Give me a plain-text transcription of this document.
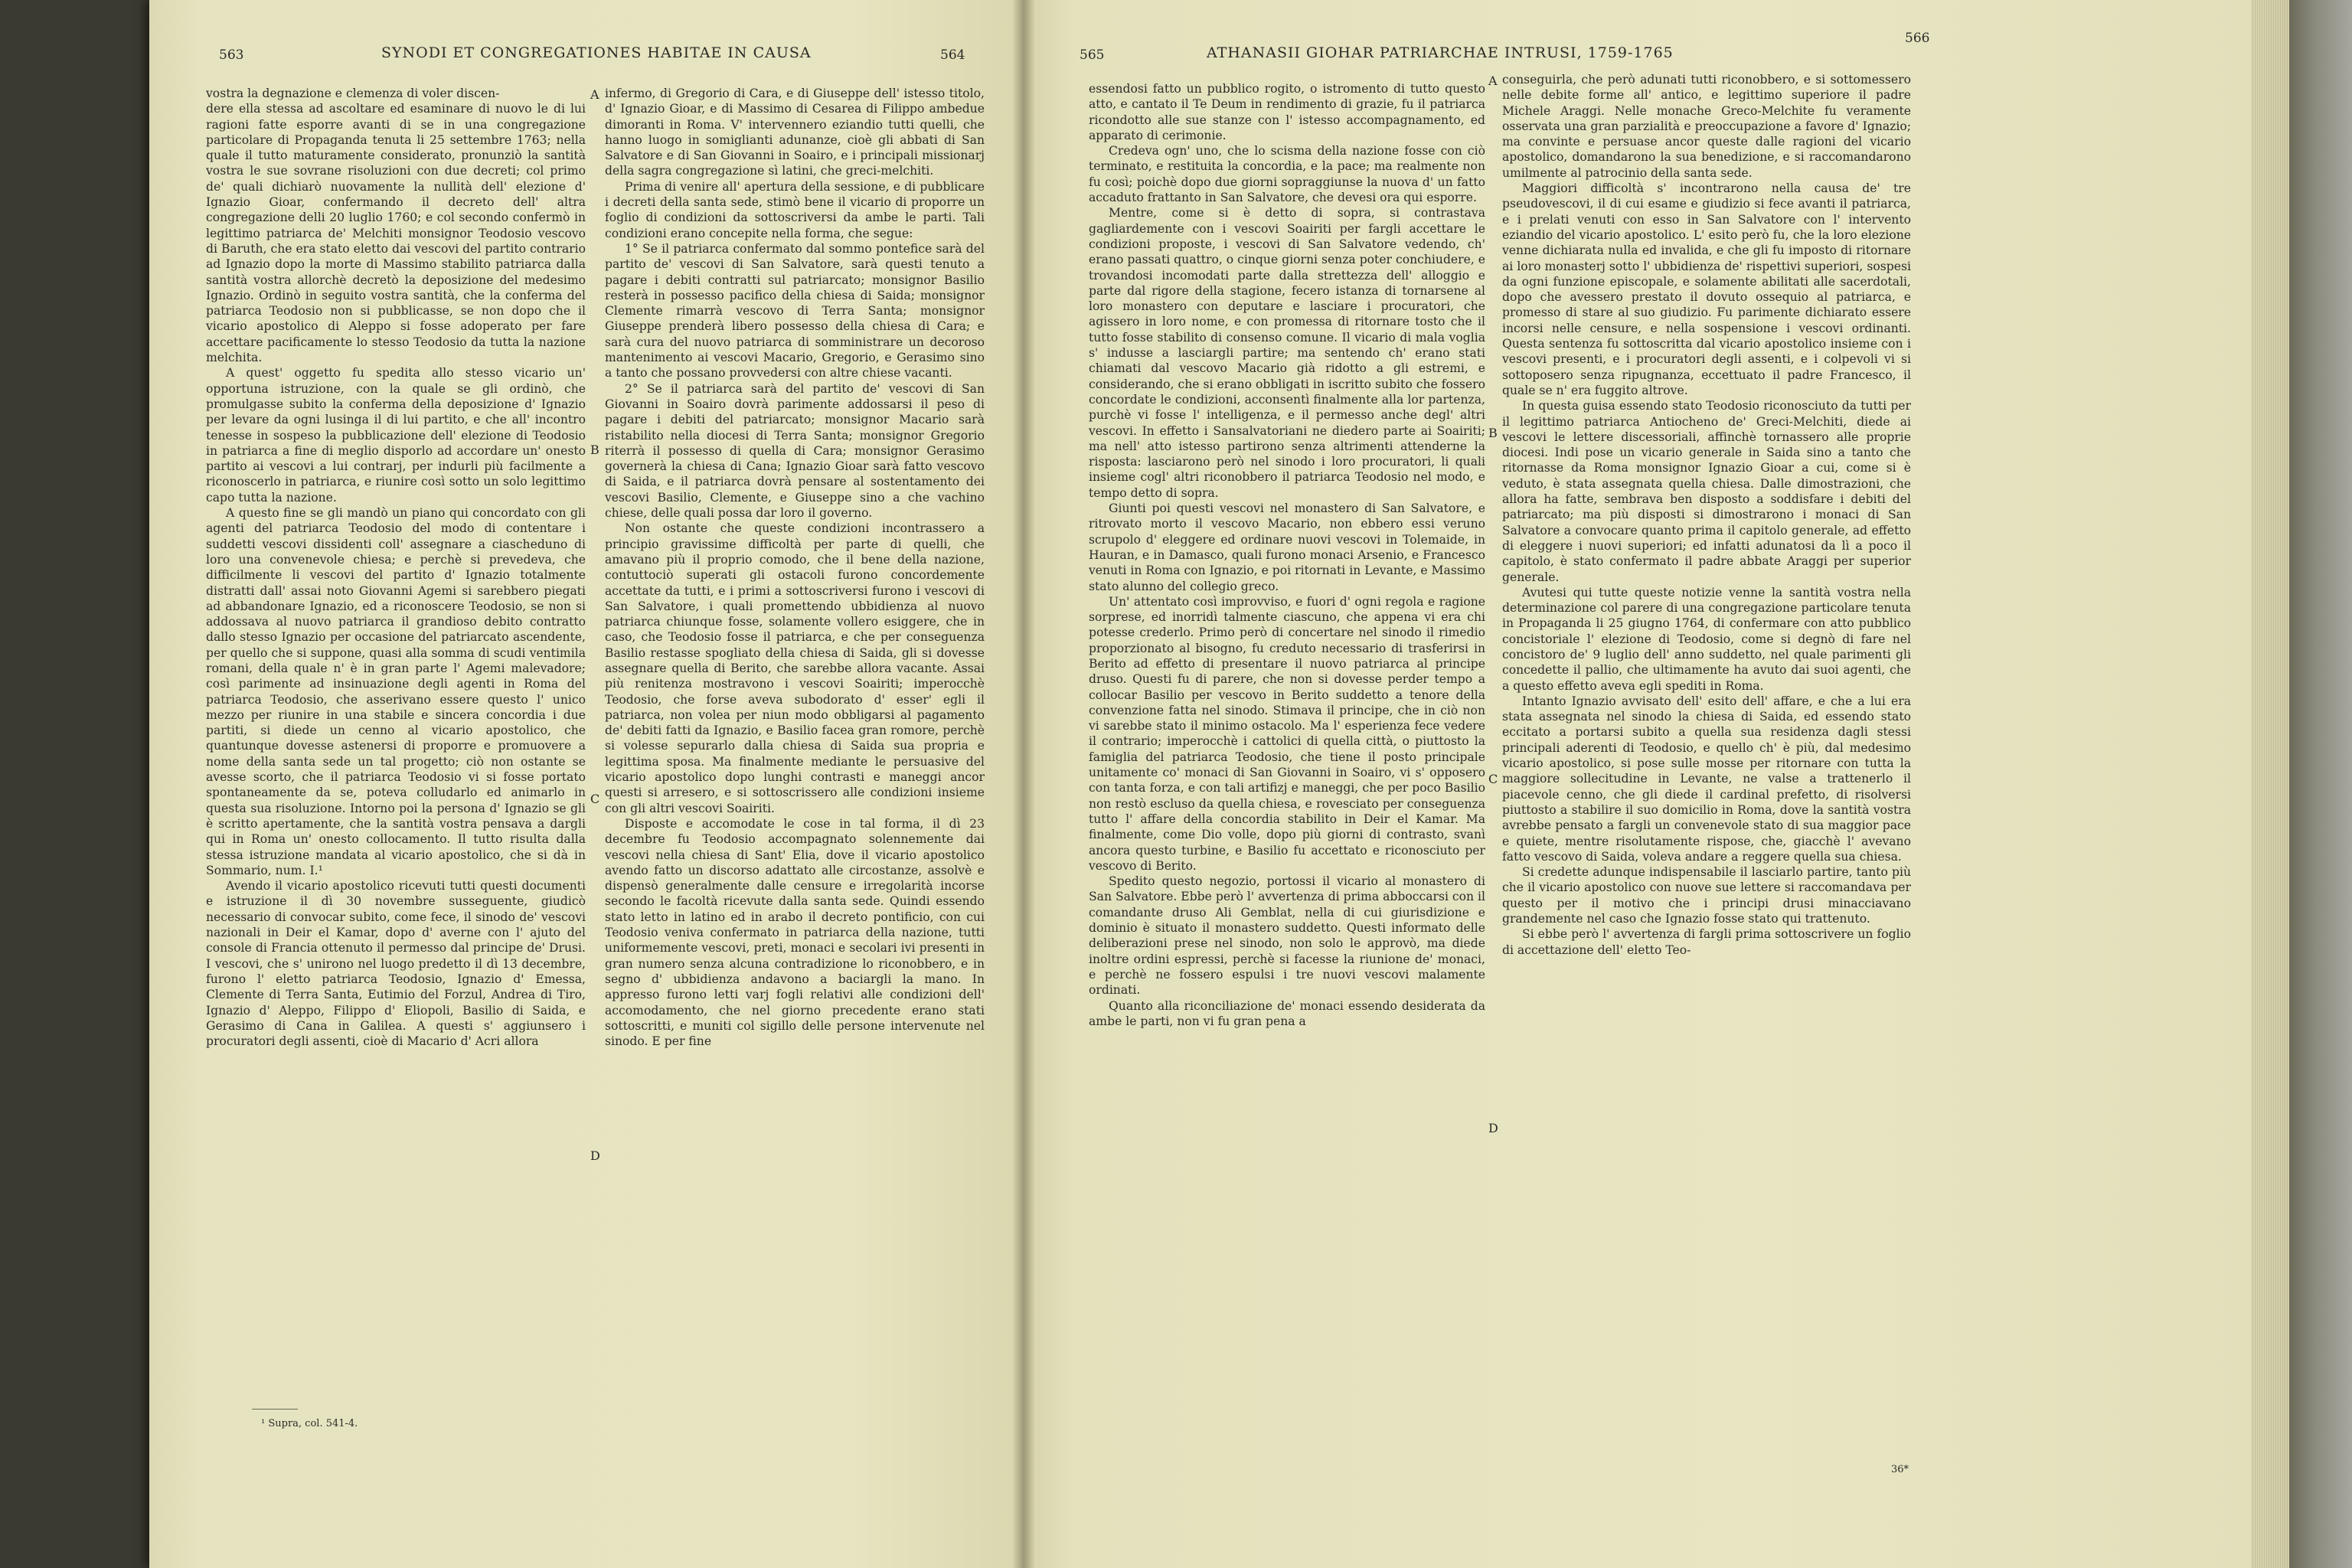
563	SYNODI ET CONGREGATIONES HABITAE IN CAUSA	564

vostra la degnazione e clemenza di voler discen-

dere ella stessa ad ascoltare ed esaminare di nuovo le di lui ragioni fatte esporre avanti di se in una congregazione particolare di Propaganda tenuta li 25 settembre 1763; nella quale il tutto maturamente considerato, pronunziò la santità vostra le sue sovrane risoluzioni con due decreti; col primo de' quali dichiarò nuovamente la nullità dell' elezione d' Ignazio Gioar, confermando il decreto dell' altra congregazione delli 20 luglio 1760; e col secondo confermò in legittimo patriarca de' Melchiti monsignor Teodosio vescovo di Baruth, che era stato eletto dai vescovi del partito contrario ad Ignazio dopo la morte di Massimo stabilito patriarca dalla santità vostra allorchè decretò la deposizione del medesimo Ignazio. Ordinò in seguito vostra santità, che la conferma del patriarca Teodosio non si pubblicasse, se non dopo che il vicario apostolico di Aleppo si fosse adoperato per fare accettare pacificamente lo stesso Teodosio da tutta la nazione melchita.

A quest' oggetto fu spedita allo stesso vicario un' opportuna istruzione, con la quale se gli ordinò, che promulgasse subito la conferma della deposizione d' Ignazio per levare da ogni lusinga il di lui partito, e che all' incontro tenesse in sospeso la pubblicazione dell' elezione di Teodosio in patriarca a fine di meglio disporlo ad accordare un' onesto partito ai vescovi a lui contrarj, per indurli più facilmente a riconoscerlo in patriarca, e riunire così sotto un solo legittimo capo tutta la nazione.

A questo fine se gli mandò un piano qui concordato con gli agenti del patriarca Teodosio del modo di contentare i suddetti vescovi dissidenti coll' assegnare a ciascheduno di loro una convenevole chiesa; e perchè si prevedeva, che difficilmente li vescovi del partito d' Ignazio totalmente distratti dall' assai noto Giovanni Agemi si sarebbero piegati ad abbandonare Ignazio, ed a riconoscere Teodosio, se non si addossava al nuovo patriarca il grandioso debito contratto dallo stesso Ignazio per occasione del patriarcato ascendente, per quello che si suppone, quasi alla somma di scudi ventimila romani, della quale n' è in gran parte l' Agemi malevadore; così parimente ad insinuazione degli agenti in Roma del patriarca Teodosio, che asserivano essere questo l' unico mezzo per riunire in una stabile e sincera concordia i due partiti, si diede un cenno al vicario apostolico, che quantunque dovesse astenersi di proporre e promuovere a nome della santa sede un tal progetto; ciò non ostante se avesse scorto, che il patriarca Teodosio vi si fosse portato spontaneamente da se, poteva colludarlo ed animarlo in questa sua risoluzione. Intorno poi la persona d' Ignazio se gli è scritto apertamente, che la santità vostra pensava a dargli qui in Roma un' onesto collocamento. Il tutto risulta dalla stessa istruzione mandata al vicario apostolico, che si dà in Sommario, num. I.¹

Avendo il vicario apostolico ricevuti tutti questi documenti e istruzione il dì 30 novembre susseguente, giudicò necessario di convocar subito, come fece, il sinodo de' vescovi nazionali in Deir el Kamar, dopo d' averne con l' ajuto del console di Francia ottenuto il permesso dal principe de' Drusi. I vescovi, che s' unirono nel luogo predetto il dì 13 decembre, furono l' eletto patriarca Teodosio, Ignazio d' Emessa, Clemente di Terra Santa, Eutimio del Forzul, Andrea di Tiro, Ignazio d' Aleppo, Filippo d' Eliopoli, Basilio di Saida, e Gerasimo di Cana in Galilea. A questi s' aggiunsero i procuratori degli assenti, cioè di Macario d' Acri allora

¹ Supra, col. 541-4.
A
B
C
D

infermo, di Gregorio di Cara, e di Giuseppe dell' istesso titolo, d' Ignazio Gioar, e di Massimo di Cesarea di Filippo ambedue dimoranti in Roma. V' intervennero eziandio tutti quelli, che hanno luogo in somiglianti adunanze, cioè gli abbati di San Salvatore e di San Giovanni in Soairo, e i principali missionarj della sagra congregazione sì latini, che greci-melchiti.

Prima di venire all' apertura della sessione, e di pubblicare i decreti della santa sede, stimò bene il vicario di proporre un foglio di condizioni da sottoscriversi da ambe le parti. Tali condizioni erano concepite nella forma, che segue:

1° Se il patriarca confermato dal sommo pontefice sarà del partito de' vescovi di San Salvatore, sarà questi tenuto a pagare i debiti contratti sul patriarcato; monsignor Basilio resterà in possesso pacifico della chiesa di Saida; monsignor Clemente rimarrà vescovo di Terra Santa; monsignor Giuseppe prenderà libero possesso della chiesa di Cara; e sarà cura del nuovo patriarca di somministrare un decoroso mantenimento ai vescovi Macario, Gregorio, e Gerasimo sino a tanto che possano provvedersi con altre chiese vacanti.

2° Se il patriarca sarà del partito de' vescovi di San Giovanni in Soairo dovrà parimente addossarsi il peso di pagare i debiti del patriarcato; monsignor Macario sarà ristabilito nella diocesi di Terra Santa; monsignor Gregorio riterrà il possesso di quella di Cara; monsignor Gerasimo governerà la chiesa di Cana; Ignazio Gioar sarà fatto vescovo di Saida, e il patriarca dovrà pensare al sostentamento dei vescovi Basilio, Clemente, e Giuseppe sino a che vachino chiese, delle quali possa dar loro il governo.

Non ostante che queste condizioni incontrassero a principio gravissime difficoltà per parte di quelli, che amavano più il proprio comodo, che il bene della nazione, contuttociò superati gli ostacoli furono concordemente accettate da tutti, e i primi a sottoscriversi furono i vescovi di San Salvatore, i quali promettendo ubbidienza al nuovo patriarca chiunque fosse, solamente vollero esiggere, che in caso, che Teodosio fosse il patriarca, e che per conseguenza Basilio restasse spogliato della chiesa di Saida, gli si dovesse assegnare quella di Berito, che sarebbe allora vacante. Assai più renitenza mostravono i vescovi Soairiti; imperocchè Teodosio, che forse aveva subodorato d' esser' egli il patriarca, non volea per niun modo obbligarsi al pagamento de' debiti fatti da Ignazio, e Basilio facea gran romore, perchè si volesse sepurarlo dalla chiesa di Saida sua propria e legittima sposa. Ma finalmente mediante le persuasive del vicario apostolico dopo lunghi contrasti e maneggi ancor questi si arresero, e si sottoscrissero alle condizioni insieme con gli altri vescovi Soairiti.

Disposte e accomodate le cose in tal forma, il dì 23 decembre fu Teodosio accompagnato solennemente dai vescovi nella chiesa di Sant' Elia, dove il vicario apostolico avendo fatto un discorso adattato alle circostanze, assolvè e dispensò generalmente dalle censure e irregolarità incorse secondo le facoltà ricevute dalla santa sede. Quindi essendo stato letto in latino ed in arabo il decreto pontificio, con cui Teodosio veniva confermato in patriarca della nazione, tutti uniformemente vescovi, preti, monaci e secolari ivi presenti in gran numero senza alcuna contradizione lo riconobbero, e in segno d' ubbidienza andavono a baciargli la mano. In appresso furono letti varj fogli relativi alle condizioni dell' accomodamento, che nel giorno precedente erano stati sottoscritti, e muniti col sigillo delle persone intervenute nel sinodo. E per fine

565	ATHANASII GIOHAR PATRIARCHAE INTRUSI, 1759-1765
566

essendosi fatto un pubblico rogito, o istromento di tutto questo atto, e cantato il Te Deum in rendimento di grazie, fu il patriarca ricondotto alle sue stanze con l' istesso accompagnamento, ed apparato di cerimonie.

Credeva ogn' uno, che lo scisma della nazione fosse con ciò terminato, e restituita la concordia, e la pace; ma realmente non fu così; poichè dopo due giorni sopraggiunse la nuova d' un fatto accaduto frattanto in San Salvatore, che devesi ora qui esporre.

Mentre, come si è detto di sopra, si contrastava gagliardemente con i vescovi Soairiti per fargli accettare le condizioni proposte, i vescovi di San Salvatore vedendo, ch' erano passati quattro, o cinque giorni senza poter conchiudere, e trovandosi incomodati parte dalla strettezza dell' alloggio e parte dal rigore della stagione, fecero istanza di tornarsene al loro monastero con deputare e lasciare i procuratori, che agissero in loro nome, e con promessa di ritornare tosto che il tutto fosse stabilito di consenso comune. Il vicario di mala voglia s' indusse a lasciargli partire; ma sentendo ch' erano stati chiamati dal vescovo Macario già ridotto a gli estremi, e considerando, che si erano obbligati in iscritto subito che fossero concordate le condizioni, acconsentì finalmente alla lor partenza, purchè vi fosse l' intelligenza, e il permesso anche degl' altri vescovi. In effetto i Sansalvatoriani ne diedero parte ai Soairiti; ma nell' atto istesso partirono senza altrimenti attenderne la risposta: lasciarono però nel sinodo i loro procuratori, li quali insieme cogl' altri riconobbero il patriarca Teodosio nel modo, e tempo detto di sopra.

Giunti poi questi vescovi nel monastero di San Salvatore, e ritrovato morto il vescovo Macario, non ebbero essi veruno scrupolo d' eleggere ed ordinare nuovi vescovi in Tolemaide, in Hauran, e in Damasco, quali furono monaci Arsenio, e Francesco venuti in Roma con Ignazio, e poi ritornati in Levante, e Massimo stato alunno del collegio greco.

Un' attentato così improvviso, e fuori d' ogni regola e ragione sorprese, ed inorridì talmente ciascuno, che appena vi era chi potesse crederlo. Primo però di concertare nel sinodo il rimedio proporzionato al bisogno, fu creduto necessario di trasferirsi in Berito ad effetto di presentare il nuovo patriarca al principe druso. Questi fu di parere, che non si dovesse perder tempo a collocar Basilio per vescovo in Berito suddetto a tenore della convenzione fatta nel sinodo. Stimava il principe, che in ciò non vi sarebbe stato il minimo ostacolo. Ma l' esperienza fece vedere il contrario; imperocchè i cattolici di quella città, o piuttosto la famiglia del patriarca Teodosio, che tiene il posto principale unitamente co' monaci di San Giovanni in Soairo, vi s' opposero con tanta forza, e con tali artifizj e maneggi, che per poco Basilio non restò escluso da quella chiesa, e rovesciato per conseguenza tutto l' affare della concordia stabilito in Deir el Kamar. Ma finalmente, come Dio volle, dopo più giorni di contrasto, svanì ancora questo turbine, e Basilio fu accettato e riconosciuto per vescovo di Berito.

Spedito questo negozio, portossi il vicario al monastero di San Salvatore. Ebbe però l' avvertenza di prima abboccarsi con il comandante druso Ali Gemblat, nella di cui giurisdizione e dominio è situato il monastero suddetto. Questi informato delle deliberazioni prese nel sinodo, non solo le approvò, ma diede inoltre ordini espressi, perchè si facesse la riunione de' monaci, e perchè ne fossero espulsi i tre nuovi vescovi malamente ordinati.

Quanto alla riconciliazione de' monaci essendo desiderata da ambe le parti, non vi fu gran pena a

A
B
C
D

conseguirla, che però adunati tutti riconobbero, e si sottomessero nelle debite forme all' antico, e legittimo superiore il padre Michele Araggi. Nelle monache Greco-Melchite fu veramente osservata una gran parzialità e preoccupazione a favore d' Ignazio; ma convinte e persuase ancor queste dalle ragioni del vicario apostolico, domandarono la sua benedizione, e si raccomandarono umilmente al patrocinio della santa sede.

Maggiori difficoltà s' incontrarono nella causa de' tre pseudovescovi, il di cui esame e giudizio si fece avanti il patriarca, e i prelati venuti con esso in San Salvatore con l' intervento eziandio del vicario apostolico. L' esito però fu, che la loro elezione venne dichiarata nulla ed invalida, e che gli fu imposto di ritornare ai loro monasterj sotto l' ubbidienza de' rispettivi superiori, sospesi da ogni funzione episcopale, e solamente abilitati alle sacerdotali, dopo che avessero prestato il dovuto ossequio al patriarca, e promesso di stare al suo giudizio. Fu parimente dichiarato essere incorsi nelle censure, e nella sospensione i vescovi ordinanti. Questa sentenza fu sottoscritta dal vicario apostolico insieme con i vescovi presenti, e i procuratori degli assenti, e i colpevoli vi si sottoposero senza ripugnanza, eccettuato il padre Francesco, il quale se n' era fuggito altrove.

In questa guisa essendo stato Teodosio riconosciuto da tutti per il legittimo patriarca Antiocheno de' Greci-Melchiti, diede ai vescovi le lettere discessoriali, affinchè tornassero alle proprie diocesi. Indi pose un vicario generale in Saida sino a tanto che ritornasse da Roma monsignor Ignazio Gioar a cui, come si è veduto, è stata assegnata quella chiesa. Dalle dimostrazioni, che allora ha fatte, sembrava ben disposto a soddisfare i debiti del patriarcato; ma più disposti si dimostrarono i monaci di San Salvatore a convocare quanto prima il capitolo generale, ad effetto di eleggere i nuovi superiori; ed infatti adunatosi da lì a poco il capitolo, è stato confermato il padre abbate Araggi per superior generale.

Avutesi qui tutte queste notizie venne la santità vostra nella determinazione col parere di una congregazione particolare tenuta in Propaganda li 25 giugno 1764, di confermare con atto pubblico concistoriale l' elezione di Teodosio, come si degnò di fare nel concistoro de' 9 luglio dell' anno suddetto, nel quale parimenti gli concedette il pallio, che ultimamente ha avuto dai suoi agenti, che a questo effetto aveva egli spediti in Roma.

Intanto Ignazio avvisato dell' esito dell' affare, e che a lui era stata assegnata nel sinodo la chiesa di Saida, ed essendo stato eccitato a portarsi subito a quella sua residenza dagli stessi principali aderenti di Teodosio, e quello ch' è più, dal medesimo vicario apostolico, si pose sulle mosse per ritornare con tutta la maggiore sollecitudine in Levante, ne valse a trattenerlo il piacevole cenno, che gli diede il cardinal prefetto, di risolversi piuttosto a stabilire il suo domicilio in Roma, dove la santità vostra avrebbe pensato a fargli un convenevole stato di sua maggior pace e quiete, mentre risolutamente rispose, che, giacchè l' avevano fatto vescovo di Saida, voleva andare a reggere quella sua chiesa.

Si credette adunque indispensabile il lasciarlo partire, tanto più che il vicario apostolico con nuove sue lettere si raccomandava per questo per il motivo che i principi drusi minacciavano grandemente nel caso che Ignazio fosse stato qui trattenuto.

Si ebbe però l' avvertenza di fargli prima sottoscrivere un foglio di accettazione dell' eletto Teo-

36*
